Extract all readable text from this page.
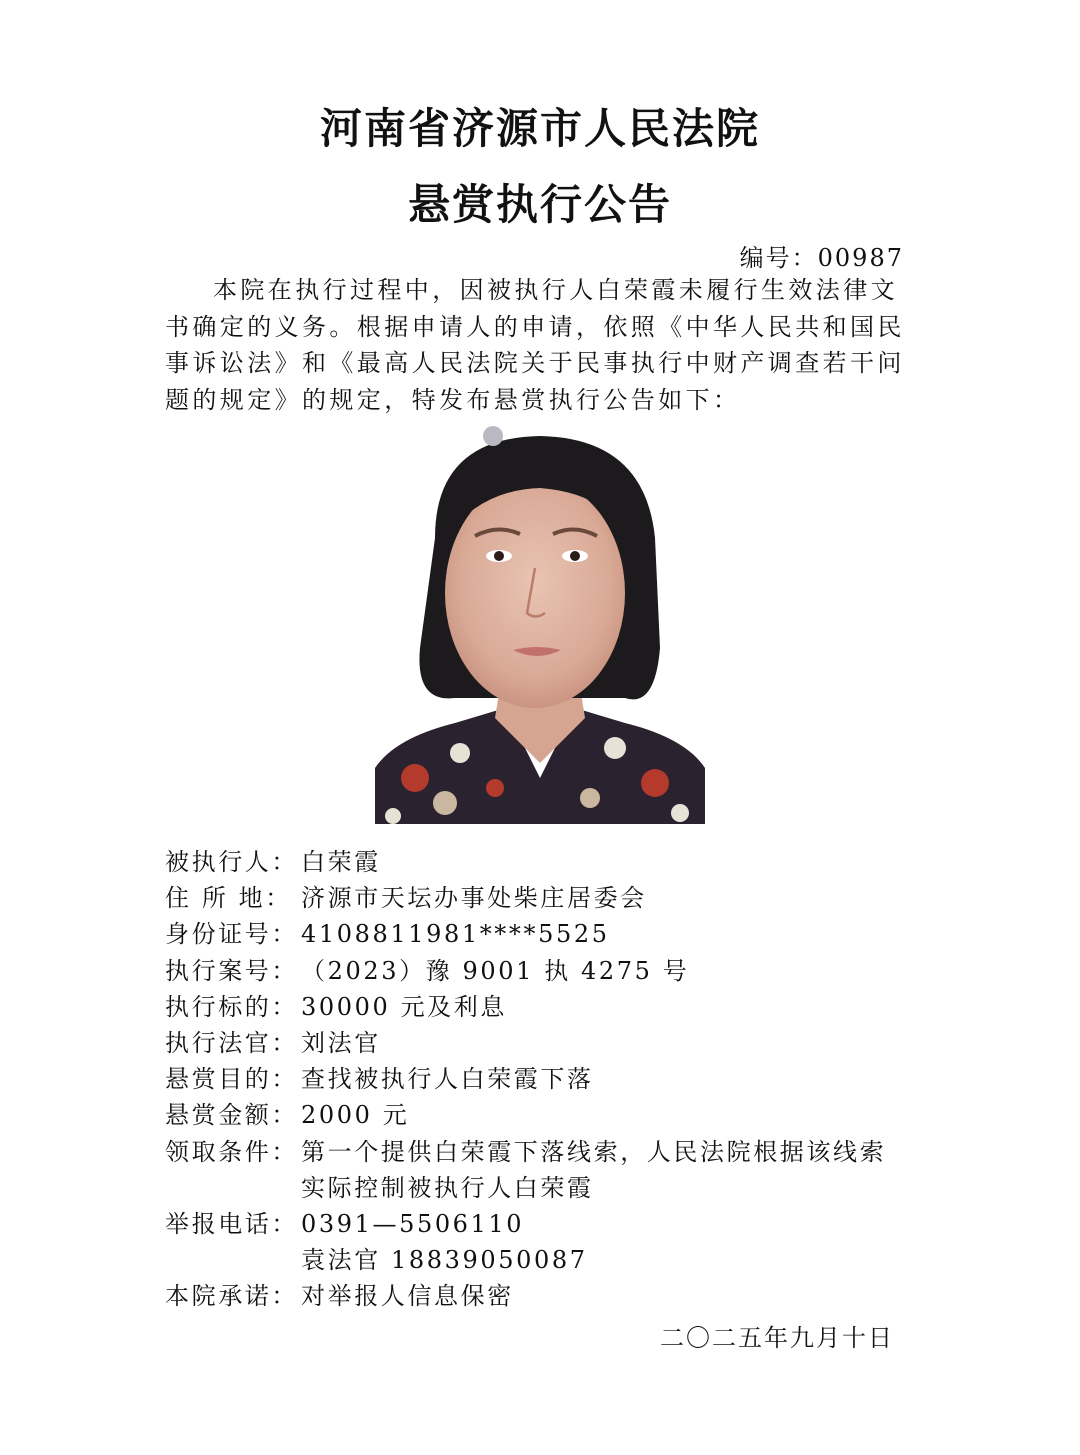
河南省济源市人民法院
悬赏执行公告
编号：00987

本院在执行过程中，因被执行人白荣霞未履行生效法律文书确定的义务。根据申请人的申请，依照《中华人民共和国民事诉讼法》和《最高人民法院关于民事执行中财产调查若干问题的规定》的规定，特发布悬赏执行公告如下：

被执行人： 白荣霞
住 所 地： 济源市天坛办事处柴庄居委会
身份证号： 4108811981****5525
执行案号： （2023）豫 9001 执 4275 号
执行标的： 30000 元及利息
执行法官： 刘法官
悬赏目的： 查找被执行人白荣霞下落
悬赏金额： 2000 元
领取条件： 第一个提供白荣霞下落线索，人民法院根据该线索
实际控制被执行人白荣霞
举报电话： 0391—5506110
袁法官 18839050087
本院承诺： 对举报人信息保密
二〇二五年九月十日
